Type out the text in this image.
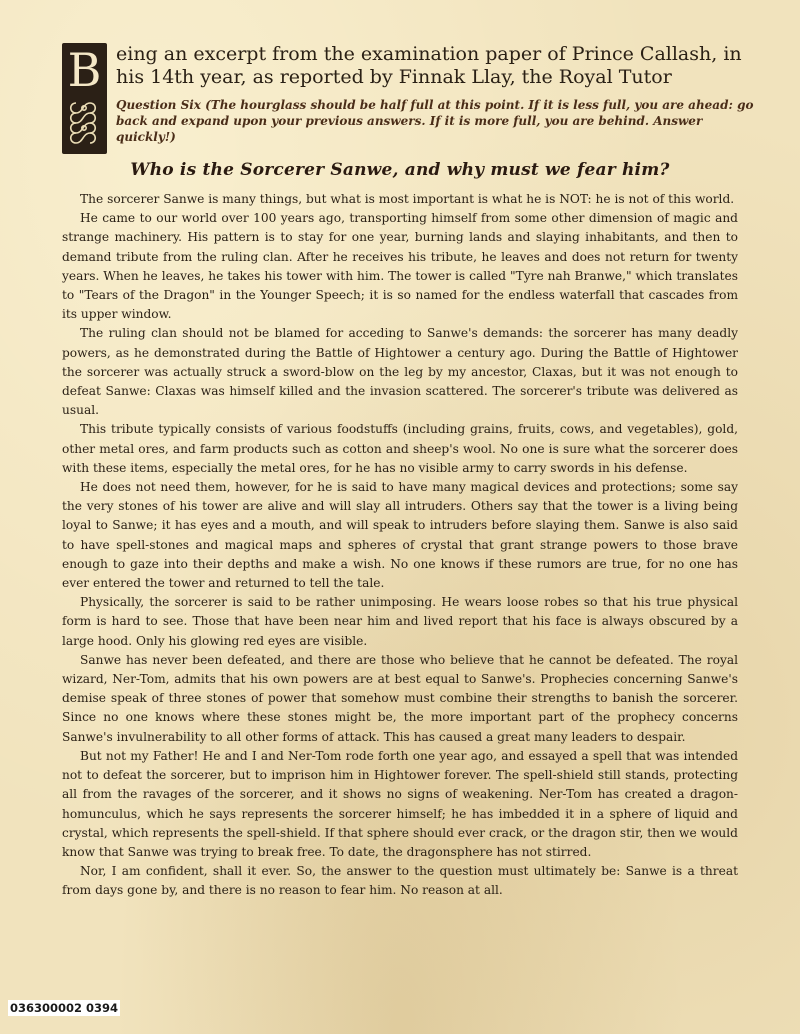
B eing an excerpt from the examination paper of Prince Callash, in his 14th year, as reported by Finnak Llay, the Royal Tutor
Question Six (The hourglass should be half full at this point. If it is less full, you are ahead: go back and expand upon your previous answers. If it is more full, you are behind. Answer quickly!)
Who is the Sorcerer Sanwe, and why must we fear him?

The sorcerer Sanwe is many things, but what is most important is what he is NOT: he is not of this world.

He came to our world over 100 years ago, transporting himself from some other dimension of magic and strange machinery. His pattern is to stay for one year, burning lands and slaying inhabitants, and then to demand tribute from the ruling clan. After he receives his tribute, he leaves and does not return for twenty years. When he leaves, he takes his tower with him. The tower is called "Tyre nah Branwe," which translates to "Tears of the Dragon" in the Younger Speech; it is so named for the endless waterfall that cascades from its upper window.

The ruling clan should not be blamed for acceding to Sanwe's demands: the sorcerer has many deadly powers, as he demonstrated during the Battle of Hightower a century ago. During the Battle of Hightower the sorcerer was actually struck a sword-blow on the leg by my ancestor, Claxas, but it was not enough to defeat Sanwe: Claxas was himself killed and the invasion scattered. The sorcerer's tribute was delivered as usual.

This tribute typically consists of various foodstuffs (including grains, fruits, cows, and vegetables), gold, other metal ores, and farm products such as cotton and sheep's wool. No one is sure what the sorcerer does with these items, especially the metal ores, for he has no visible army to carry swords in his defense.

He does not need them, however, for he is said to have many magical devices and protections; some say the very stones of his tower are alive and will slay all intruders. Others say that the tower is a living being loyal to Sanwe; it has eyes and a mouth, and will speak to intruders before slaying them. Sanwe is also said to have spell-stones and magical maps and spheres of crystal that grant strange powers to those brave enough to gaze into their depths and make a wish. No one knows if these rumors are true, for no one has ever entered the tower and returned to tell the tale.

Physically, the sorcerer is said to be rather unimposing. He wears loose robes so that his true physical form is hard to see. Those that have been near him and lived report that his face is always obscured by a large hood. Only his glowing red eyes are visible.

Sanwe has never been defeated, and there are those who believe that he cannot be defeated. The royal wizard, Ner-Tom, admits that his own powers are at best equal to Sanwe's. Prophecies concerning Sanwe's demise speak of three stones of power that somehow must combine their strengths to banish the sorcerer. Since no one knows where these stones might be, the more important part of the prophecy concerns Sanwe's invulnerability to all other forms of attack. This has caused a great many leaders to despair.

But not my Father! He and I and Ner-Tom rode forth one year ago, and essayed a spell that was intended not to defeat the sorcerer, but to imprison him in Hightower forever. The spell-shield still stands, protecting all from the ravages of the sorcerer, and it shows no signs of weakening. Ner-Tom has created a dragon-homunculus, which he says represents the sorcerer himself; he has imbedded it in a sphere of liquid and crystal, which represents the spell-shield. If that sphere should ever crack, or the dragon stir, then we would know that Sanwe was trying to break free. To date, the dragonsphere has not stirred.

Nor, I am confident, shall it ever. So, the answer to the question must ultimately be: Sanwe is a threat from days gone by, and there is no reason to fear him. No reason at all.

036300002 0394
